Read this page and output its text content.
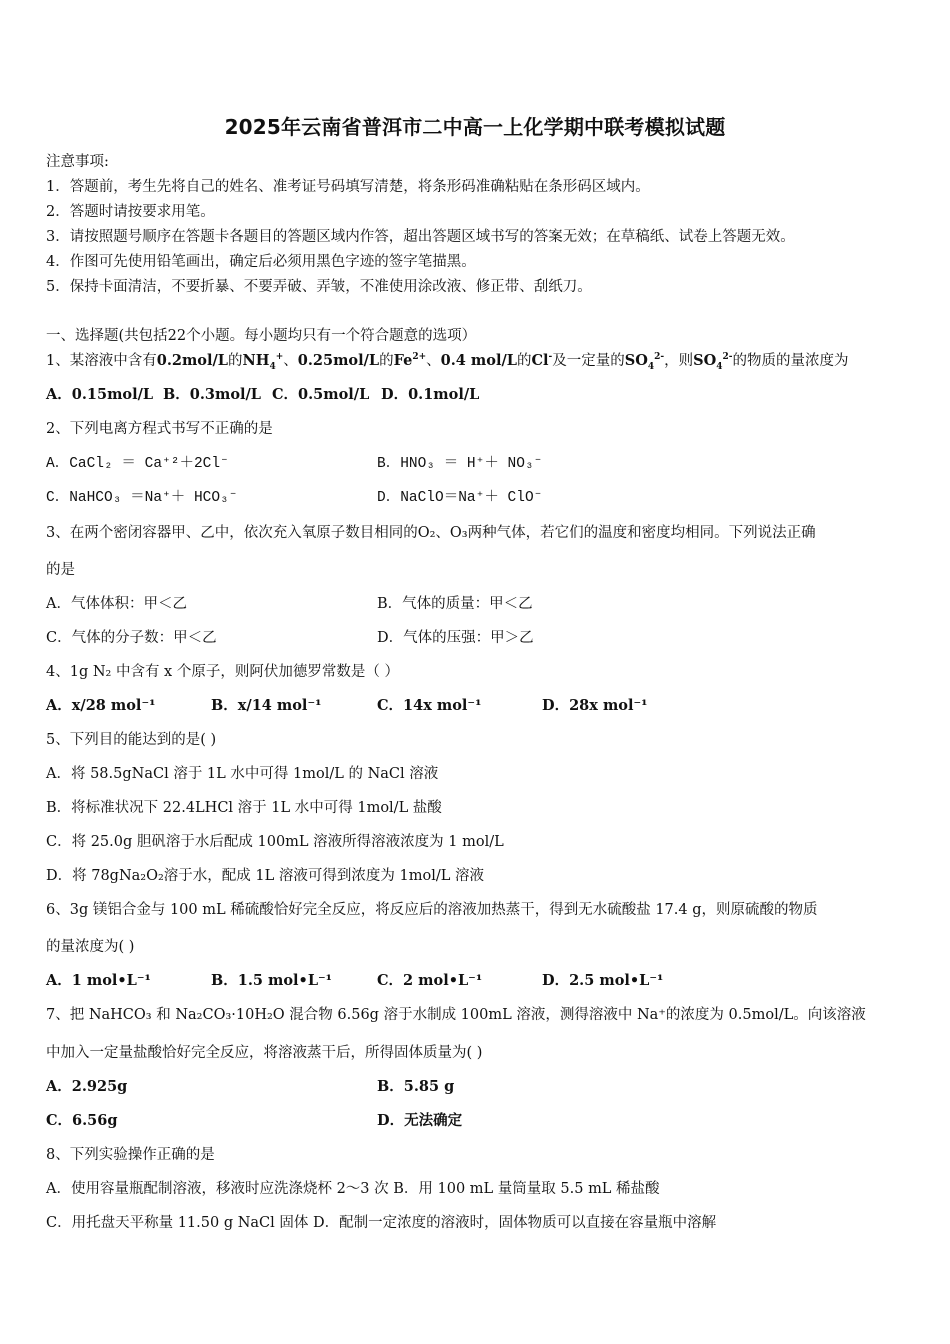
2025年云南省普洱市二中高一上化学期中联考模拟试题
注意事项:
1．答题前，考生先将自己的姓名、准考证号码填写清楚，将条形码准确粘贴在条形码区域内。
2．答题时请按要求用笔。
3．请按照题号顺序在答题卡各题目的答题区域内作答，超出答题区域书写的答案无效；在草稿纸、试卷上答题无效。
4．作图可先使用铅笔画出，确定后必须用黑色字迹的签字笔描黑。
5．保持卡面清洁，不要折暴、不要弄破、弄皱，不准使用涂改液、修正带、刮纸刀。
一、选择题(共包括22个小题。每小题均只有一个符合题意的选项）
1、某溶液中含有0.2mol/L的$NH_4^+$、0.25mol/L的$Fe^{2+}$、0.4 mol/L的Cl-及一定量的$SO_4^{2-}$，则$SO_4^{2-}$的物质的量浓度为
A．0.15mol/L B．0.3mol/L C．0.5mol/L D．0.1mol/L
2、下列电离方程式书写不正确的是
A．CaCl₂ ＝ Ca⁺²＋2Cl⁻	B．HNO₃ ＝ H⁺＋ NO₃⁻
C．NaHCO₃ ＝Na⁺＋ HCO₃⁻	D．NaClO＝Na⁺＋ ClO⁻
3、在两个密闭容器甲、乙中，依次充入氧原子数目相同的O₂、O₃两种气体，若它们的温度和密度均相同。下列说法正确
的是
A．气体体积：甲＜乙	B．气体的质量：甲＜乙
C．气体的分子数：甲＜乙	D．气体的压强：甲＞乙
4、1g N₂ 中含有 x 个原子，则阿伏加德罗常数是（ ）
A．x/28 mol⁻¹	B．x/14 mol⁻¹	C．14x mol⁻¹	D．28x mol⁻¹
5、下列目的能达到的是( )
A．将 58.5gNaCl 溶于 1L 水中可得 1mol/L 的 NaCl 溶液
B．将标准状况下 22.4LHCl 溶于 1L 水中可得 1mol/L 盐酸
C．将 25.0g 胆矾溶于水后配成 100mL 溶液所得溶液浓度为 1 mol/L
D．将 78gNa₂O₂溶于水，配成 1L 溶液可得到浓度为 1mol/L 溶液
6、3g 镁铝合金与 100 mL 稀硫酸恰好完全反应，将反应后的溶液加热蒸干，得到无水硫酸盐 17.4 g，则原硫酸的物质
的量浓度为( )
A．1 mol•L⁻¹	B．1.5 mol•L⁻¹	C．2 mol•L⁻¹	D．2.5 mol•L⁻¹
7、把 NaHCO₃ 和 Na₂CO₃·10H₂O 混合物 6.56g 溶于水制成 100mL 溶液，测得溶液中 Na⁺的浓度为 0.5mol/L。向该溶液
中加入一定量盐酸恰好完全反应，将溶液蒸干后，所得固体质量为( )
A．2.925g	B．5.85 g
C．6.56g	D．无法确定
8、下列实验操作正确的是
A．使用容量瓶配制溶液，移液时应洗涤烧杯 2～3 次 B．用 100 mL 量筒量取 5.5 mL 稀盐酸
C．用托盘天平称量 11.50 g NaCl 固体 D．配制一定浓度的溶液时，固体物质可以直接在容量瓶中溶解
